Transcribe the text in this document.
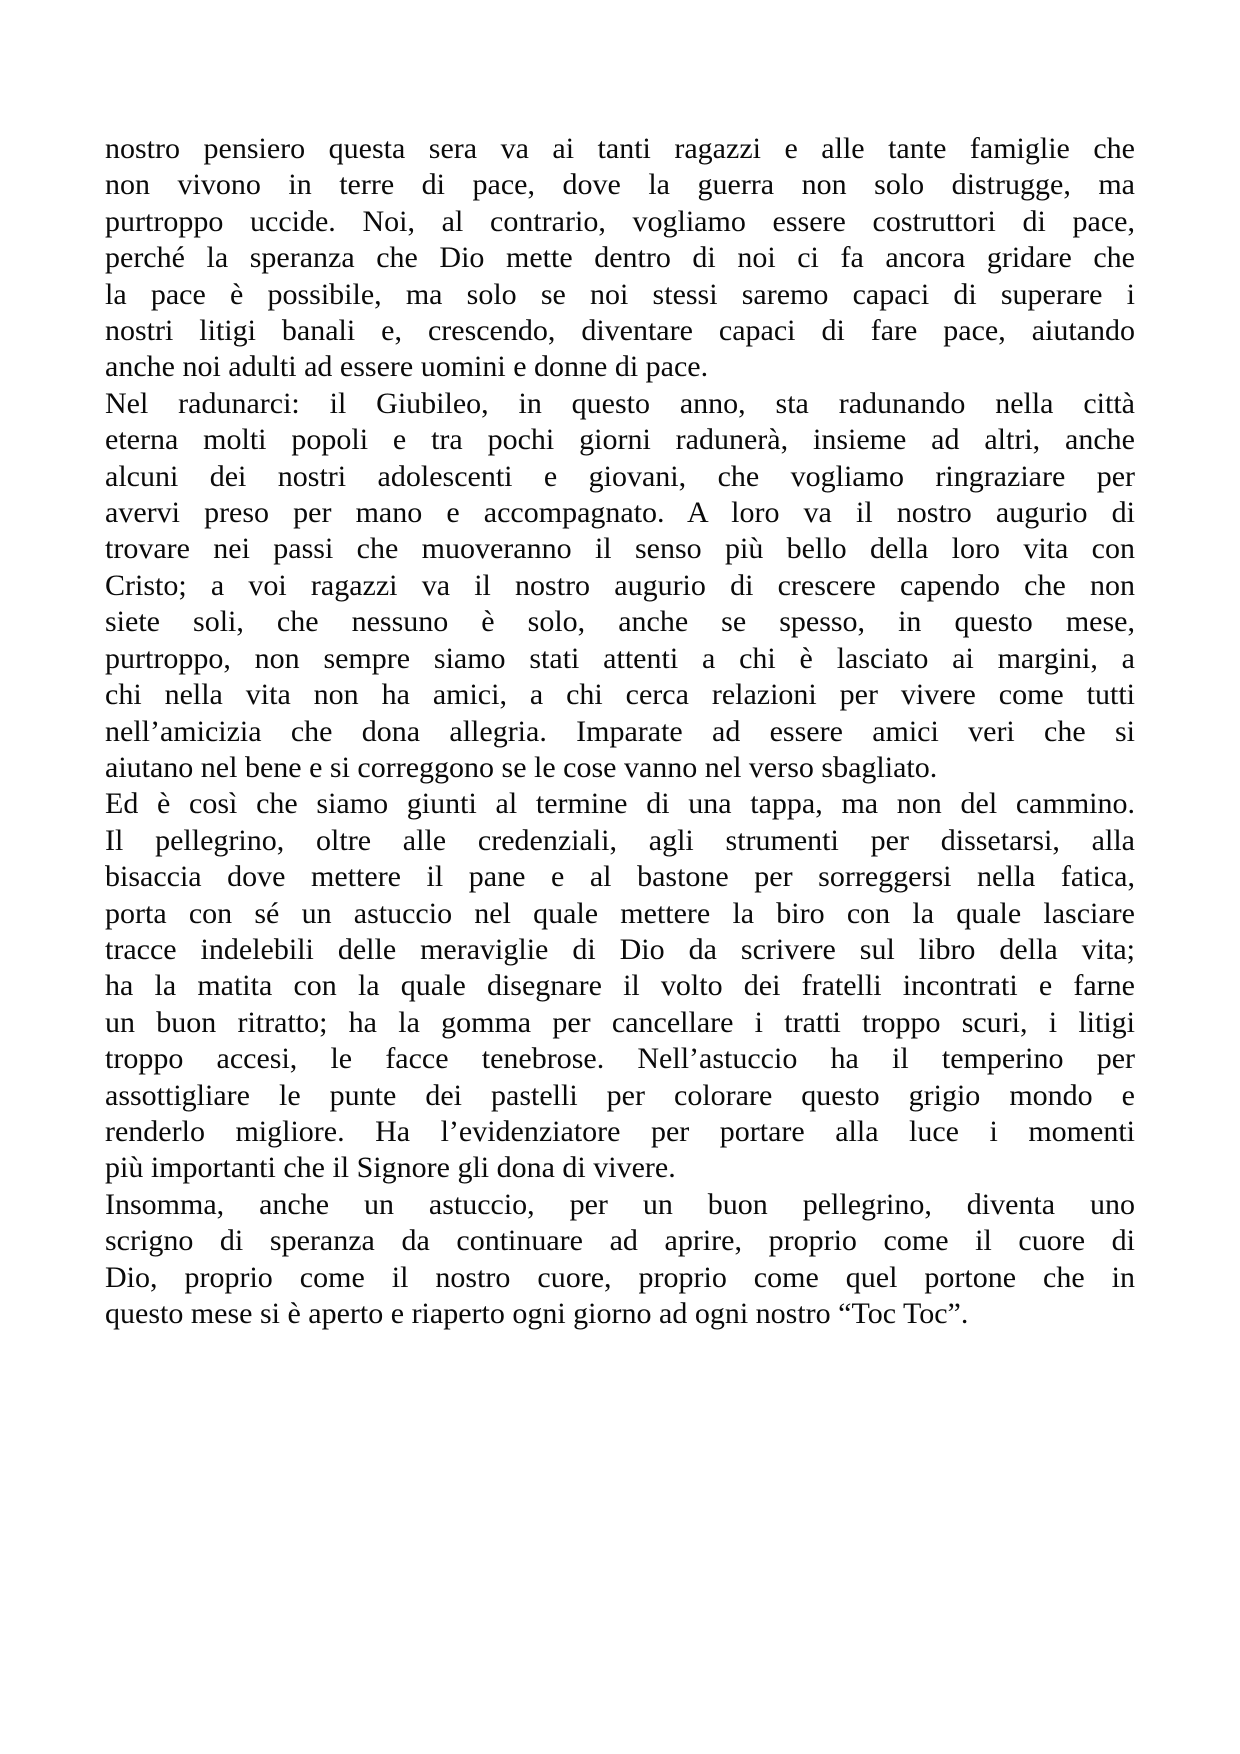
nostro pensiero questa sera va ai tanti ragazzi e alle tante famiglie che
non vivono in terre di pace, dove la guerra non solo distrugge, ma
purtroppo uccide. Noi, al contrario, vogliamo essere costruttori di pace,
perché la speranza che Dio mette dentro di noi ci fa ancora gridare che
la pace è possibile, ma solo se noi stessi saremo capaci di superare i
nostri litigi banali e, crescendo, diventare capaci di fare pace, aiutando
anche noi adulti ad essere uomini e donne di pace.
Nel radunarci: il Giubileo, in questo anno, sta radunando nella città
eterna molti popoli e tra pochi giorni radunerà, insieme ad altri, anche
alcuni dei nostri adolescenti e giovani, che vogliamo ringraziare per
avervi preso per mano e accompagnato. A loro va il nostro augurio di
trovare nei passi che muoveranno il senso più bello della loro vita con
Cristo; a voi ragazzi va il nostro augurio di crescere capendo che non
siete soli, che nessuno è solo, anche se spesso, in questo mese,
purtroppo, non sempre siamo stati attenti a chi è lasciato ai margini, a
chi nella vita non ha amici, a chi cerca relazioni per vivere come tutti
nell’amicizia che dona allegria. Imparate ad essere amici veri che si
aiutano nel bene e si correggono se le cose vanno nel verso sbagliato.
Ed è così che siamo giunti al termine di una tappa, ma non del cammino.
Il pellegrino, oltre alle credenziali, agli strumenti per dissetarsi, alla
bisaccia dove mettere il pane e al bastone per sorreggersi nella fatica,
porta con sé un astuccio nel quale mettere la biro con la quale lasciare
tracce indelebili delle meraviglie di Dio da scrivere sul libro della vita;
ha la matita con la quale disegnare il volto dei fratelli incontrati e farne
un buon ritratto; ha la gomma per cancellare i tratti troppo scuri, i litigi
troppo accesi, le facce tenebrose. Nell’astuccio ha il temperino per
assottigliare le punte dei pastelli per colorare questo grigio mondo e
renderlo migliore. Ha l’evidenziatore per portare alla luce i momenti
più importanti che il Signore gli dona di vivere.
Insomma, anche un astuccio, per un buon pellegrino, diventa uno
scrigno di speranza da continuare ad aprire, proprio come il cuore di
Dio, proprio come il nostro cuore, proprio come quel portone che in
questo mese si è aperto e riaperto ogni giorno ad ogni nostro “Toc Toc”.
